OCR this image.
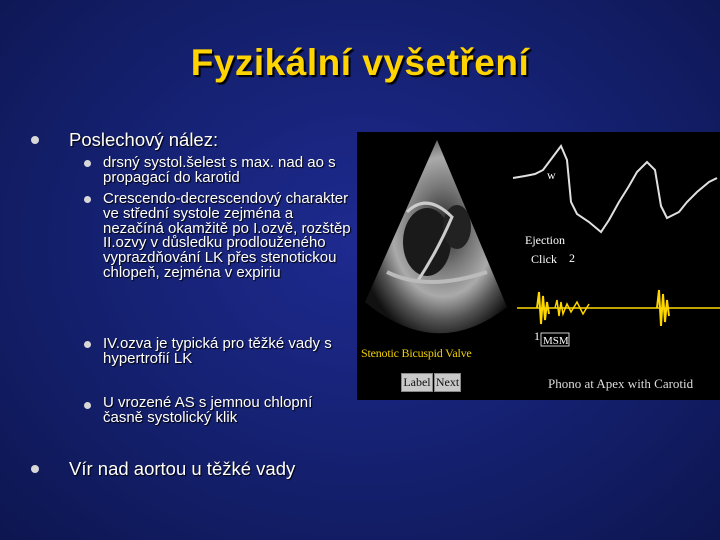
Fyzikální vyšetření
Poslechový nález:
drsný systol.šelest s max. nad ao s propagací do karotid
Crescendo-decrescendový charakter ve střední systole zejména a nezačíná okamžitě po I.ozvě, rozštěp II.ozvy v důsledku prodlouženého vyprazdňování LK přes stenotickou chlopeň, zejména v expiriu
IV.ozva je typická pro těžké vady s hypertrofií LK
U vrozené AS s jemnou chlopní časně systolický klik
Vír nad aortou u těžké vady
w
Ejection
Click 2
1 MSM
Stenotic Bicuspid Valve
Label Next	Phono at Apex with Carotid
